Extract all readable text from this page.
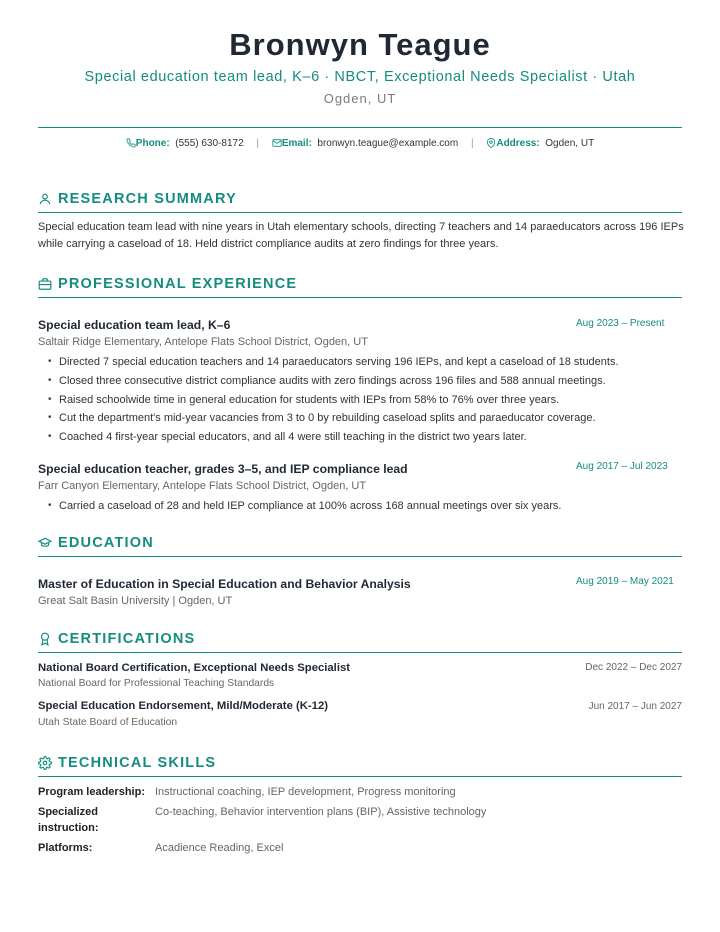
Bronwyn Teague
Special education team lead, K–6 · NBCT, Exceptional Needs Specialist · Utah
Ogden, UT
Phone: (555) 630-8172 | Email: bronwyn.teague@example.com | Address: Ogden, UT
RESEARCH SUMMARY
Special education team lead with nine years in Utah elementary schools, directing 7 teachers and 14 paraeducators across 196 IEPs while carrying a caseload of 18. Held district compliance audits at zero findings for three years.
PROFESSIONAL EXPERIENCE
Special education team lead, K–6	Aug 2023 – Present
Saltair Ridge Elementary, Antelope Flats School District, Ogden, UT
• Directed 7 special education teachers and 14 paraeducators serving 196 IEPs, and kept a caseload of 18 students.
• Closed three consecutive district compliance audits with zero findings across 196 files and 588 annual meetings.
• Raised schoolwide time in general education for students with IEPs from 58% to 76% over three years.
• Cut the department's mid-year vacancies from 3 to 0 by rebuilding caseload splits and paraeducator coverage.
• Coached 4 first-year special educators, and all 4 were still teaching in the district two years later.
Special education teacher, grades 3–5, and IEP compliance lead	Aug 2017 – Jul 2023
Farr Canyon Elementary, Antelope Flats School District, Ogden, UT
• Carried a caseload of 28 and held IEP compliance at 100% across 168 annual meetings over six years.
EDUCATION
Master of Education in Special Education and Behavior Analysis	Aug 2019 – May 2021
Great Salt Basin University | Ogden, UT
CERTIFICATIONS
National Board Certification, Exceptional Needs Specialist	Dec 2022 – Dec 2027
National Board for Professional Teaching Standards
Special Education Endorsement, Mild/Moderate (K-12)	Jun 2017 – Jun 2027
Utah State Board of Education
TECHNICAL SKILLS
Program leadership: Instructional coaching, IEP development, Progress monitoring
Specialized instruction:
Co-teaching, Behavior intervention plans (BIP), Assistive technology
Platforms:	Acadience Reading, Excel
